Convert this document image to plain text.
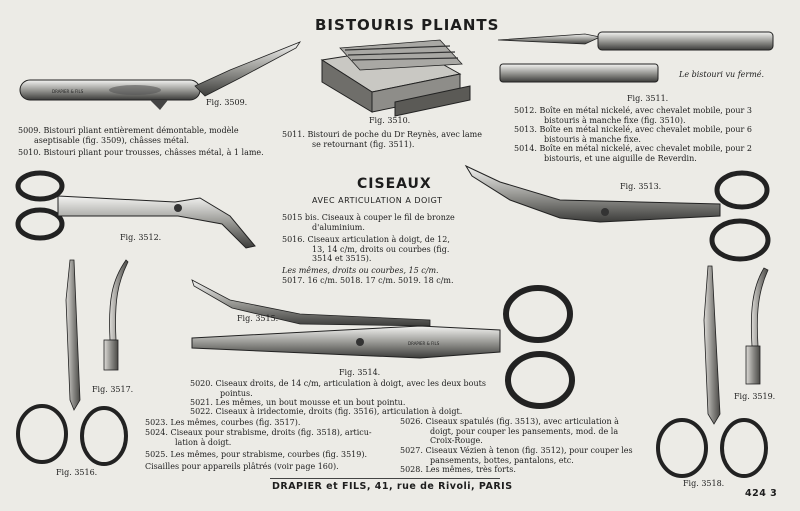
DRAPIER & FILS
DRAPIER & FILS
BISTOURIS PLIANTS
CISEAUX
AVEC ARTICULATION A DOIGT
Fig. 3509.
Fig. 3510.
Le bistouri vu fermé.
Fig. 3511.
Fig. 3512.
Fig. 3513.
Fig. 3515.
Fig. 3514.
Fig. 3517.
Fig. 3516.
Fig. 3519.
Fig. 3518.
5009. Bistouri pliant entièrement démontable, modèle
aseptisable (fig. 3509), châsses métal.
5010. Bistouri pliant pour trousses, châsses métal, à 1 lame.
5011. Bistouri de poche du Dr Reynès, avec lame
se retournant (fig. 3511).
5012. Boîte en métal nickelé, avec chevalet mobile, pour 3
bistouris à manche fixe (fig. 3510).
5013. Boîte en métal nickelé, avec chevalet mobile, pour 6
bistouris à manche fixe.
5014. Boîte en métal nickelé, avec chevalet mobile, pour 2
bistouris, et une aiguille de Reverdin.
5015 bis. Ciseaux à couper le fil de bronze
d'aluminium.
5016. Ciseaux articulation à doigt, de 12,
13, 14 c/m, droits ou courbes (fig.
3514 et 3515).
Les mêmes, droits ou courbes, 15 c/m.
5017. 16 c/m. 5018. 17 c/m. 5019. 18 c/m.
5020. Ciseaux droits, de 14 c/m, articulation à doigt, avec les deux bouts
pointus.
5021. Les mêmes, un bout mousse et un bout pointu.
5022. Ciseaux à iridectomie, droits (fig. 3516), articulation à doigt.
5023. Les mêmes, courbes (fig. 3517).
5024. Ciseaux pour strabisme, droits (fig. 3518), articu-
lation à doigt.
5025. Les mêmes, pour strabisme, courbes (fig. 3519).
Cisailles pour appareils plâtrés (voir page 160).
5026. Ciseaux spatulés (fig. 3513), avec articulation à
doigt, pour couper les pansements, mod. de la
Croix-Rouge.
5027. Ciseaux Vézien à tenon (fig. 3512), pour couper les
pansements, bottes, pantalons, etc.
5028. Les mêmes, très forts.
DRAPIER et FILS, 41, rue de Rivoli, PARIS
424 3
